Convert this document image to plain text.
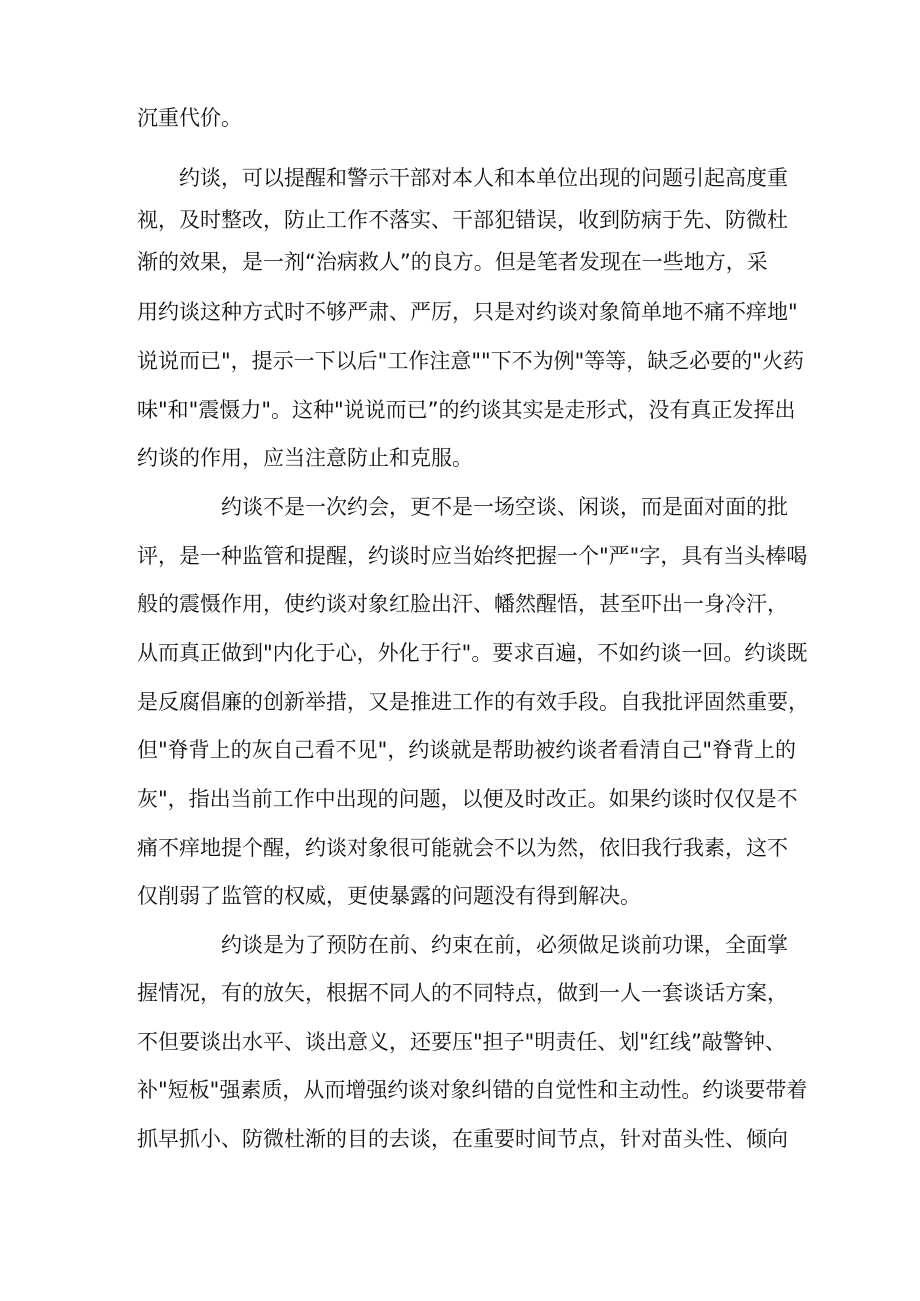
沉重代价。
约谈，可以提醒和警示干部对本人和本单位出现的问题引起高度重
视，及时整改，防止工作不落实、干部犯错误，收到防病于先、防微杜
渐的效果，是一剂“治病救人”的良方。但是笔者发现在一些地方，采
用约谈这种方式时不够严肃、严厉，只是对约谈对象简单地不痛不痒地"
说说而已"，提示一下以后"工作注意""下不为例"等等，缺乏必要的"火药
味"和"震慑力"。这种"说说而已”的约谈其实是走形式，没有真正发挥出
约谈的作用，应当注意防止和克服。
约谈不是一次约会，更不是一场空谈、闲谈，而是面对面的批
评，是一种监管和提醒，约谈时应当始终把握一个"严"字，具有当头棒喝
般的震慑作用，使约谈对象红脸出汗、幡然醒悟，甚至吓出一身冷汗，
从而真正做到"内化于心，外化于行"。要求百遍，不如约谈一回。约谈既
是反腐倡廉的创新举措，又是推进工作的有效手段。自我批评固然重要，
但"脊背上的灰自己看不见"，约谈就是帮助被约谈者看清自己"脊背上的
灰"，指出当前工作中出现的问题，以便及时改正。如果约谈时仅仅是不
痛不痒地提个醒，约谈对象很可能就会不以为然，依旧我行我素，这不
仅削弱了监管的权威，更使暴露的问题没有得到解决。
约谈是为了预防在前、约束在前，必须做足谈前功课，全面掌
握情况，有的放矢，根据不同人的不同特点，做到一人一套谈话方案，
不但要谈出水平、谈出意义，还要压"担子"明责任、划"红线”敲警钟、
补"短板"强素质，从而增强约谈对象纠错的自觉性和主动性。约谈要带着
抓早抓小、防微杜渐的目的去谈，在重要时间节点，针对苗头性、倾向
